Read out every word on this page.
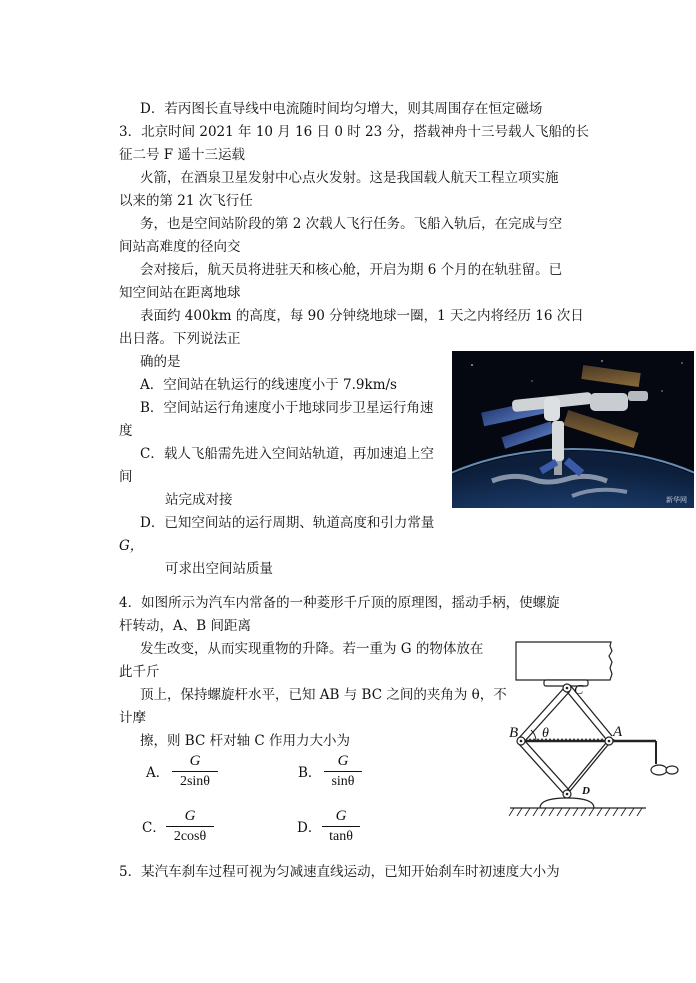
D．若丙图长直导线中电流随时间均匀增大，则其周围存在恒定磁场
3．北京时间 2021 年 10 月 16 日 0 时 23 分，搭载神舟十三号载人飞船的长
征二号 F 遥十三运载
火箭，在酒泉卫星发射中心点火发射。这是我国载人航天工程立项实施
以来的第 21 次飞行任
务，也是空间站阶段的第 2 次载人飞行任务。飞船入轨后，在完成与空
间站高难度的径向交
会对接后，航天员将进驻天和核心舱，开启为期 6 个月的在轨驻留。已
知空间站在距离地球
表面约 400km 的高度，每 90 分钟绕地球一圈，1 天之内将经历 16 次日
出日落。下列说法正
确的是
A．空间站在轨运行的线速度小于 7.9km/s
B．空间站运行角速度小于地球同步卫星运行角速
度
C．载人飞船需先进入空间站轨道，再加速追上空
间
站完成对接
D．已知空间站的运行周期、轨道高度和引力常量
G，
可求出空间站质量
新华网
4．如图所示为汽车内常备的一种菱形千斤顶的原理图，摇动手柄，使螺旋
杆转动，A、B 间距离
发生改变，从而实现重物的升降。若一重为 G 的物体放在
此千斤
顶上，保持螺旋杆水平，已知 AB 与 BC 之间的夹角为 θ，不
计摩
擦，则 BC 杆对轴 C 作用力大小为
A．
G
2sinθ
B．
G
sinθ
C．
G
2cosθ
D．
G
tanθ
C
B θ	A
D
5．某汽车刹车过程可视为匀减速直线运动，已知开始刹车时初速度大小为
